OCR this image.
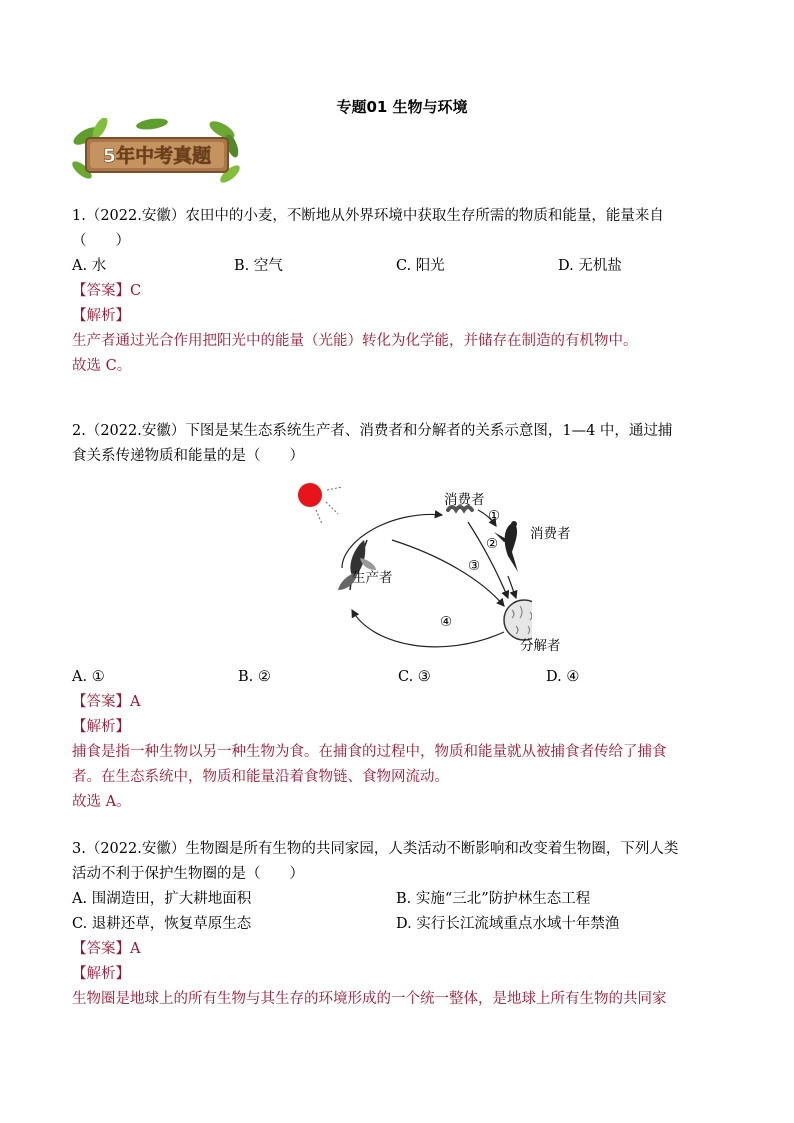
专题01 生物与环境
5年中考真题
1.（2022.安徽）农田中的小麦，不断地从外界环境中获取生存所需的物质和能量，能量来自
（　　）
A. 水	B. 空气	C. 阳光	D. 无机盐
【答案】C
【解析】
生产者通过光合作用把阳光中的能量（光能）转化为化学能，并储存在制造的有机物中。
故选 C。
2.（2022.安徽）下图是某生态系统生产者、消费者和分解者的关系示意图，1—4 中，通过捕
食关系传递物质和能量的是（　　）
消费者
消费者
生产者
分解者
①
②
③
④
A. ①	B. ②	C. ③	D. ④
【答案】A
【解析】
捕食是指一种生物以另一种生物为食。在捕食的过程中，物质和能量就从被捕食者传给了捕食
者。在生态系统中，物质和能量沿着食物链、食物网流动。
故选 A。
3.（2022.安徽）生物圈是所有生物的共同家园，人类活动不断影响和改变着生物圈，下列人类
活动不利于保护生物圈的是（　　）
A. 围湖造田，扩大耕地面积	B. 实施“三北”防护林生态工程
C. 退耕还草，恢复草原生态	D. 实行长江流域重点水域十年禁渔
【答案】A
【解析】
生物圈是地球上的所有生物与其生存的环境形成的一个统一整体，是地球上所有生物的共同家
